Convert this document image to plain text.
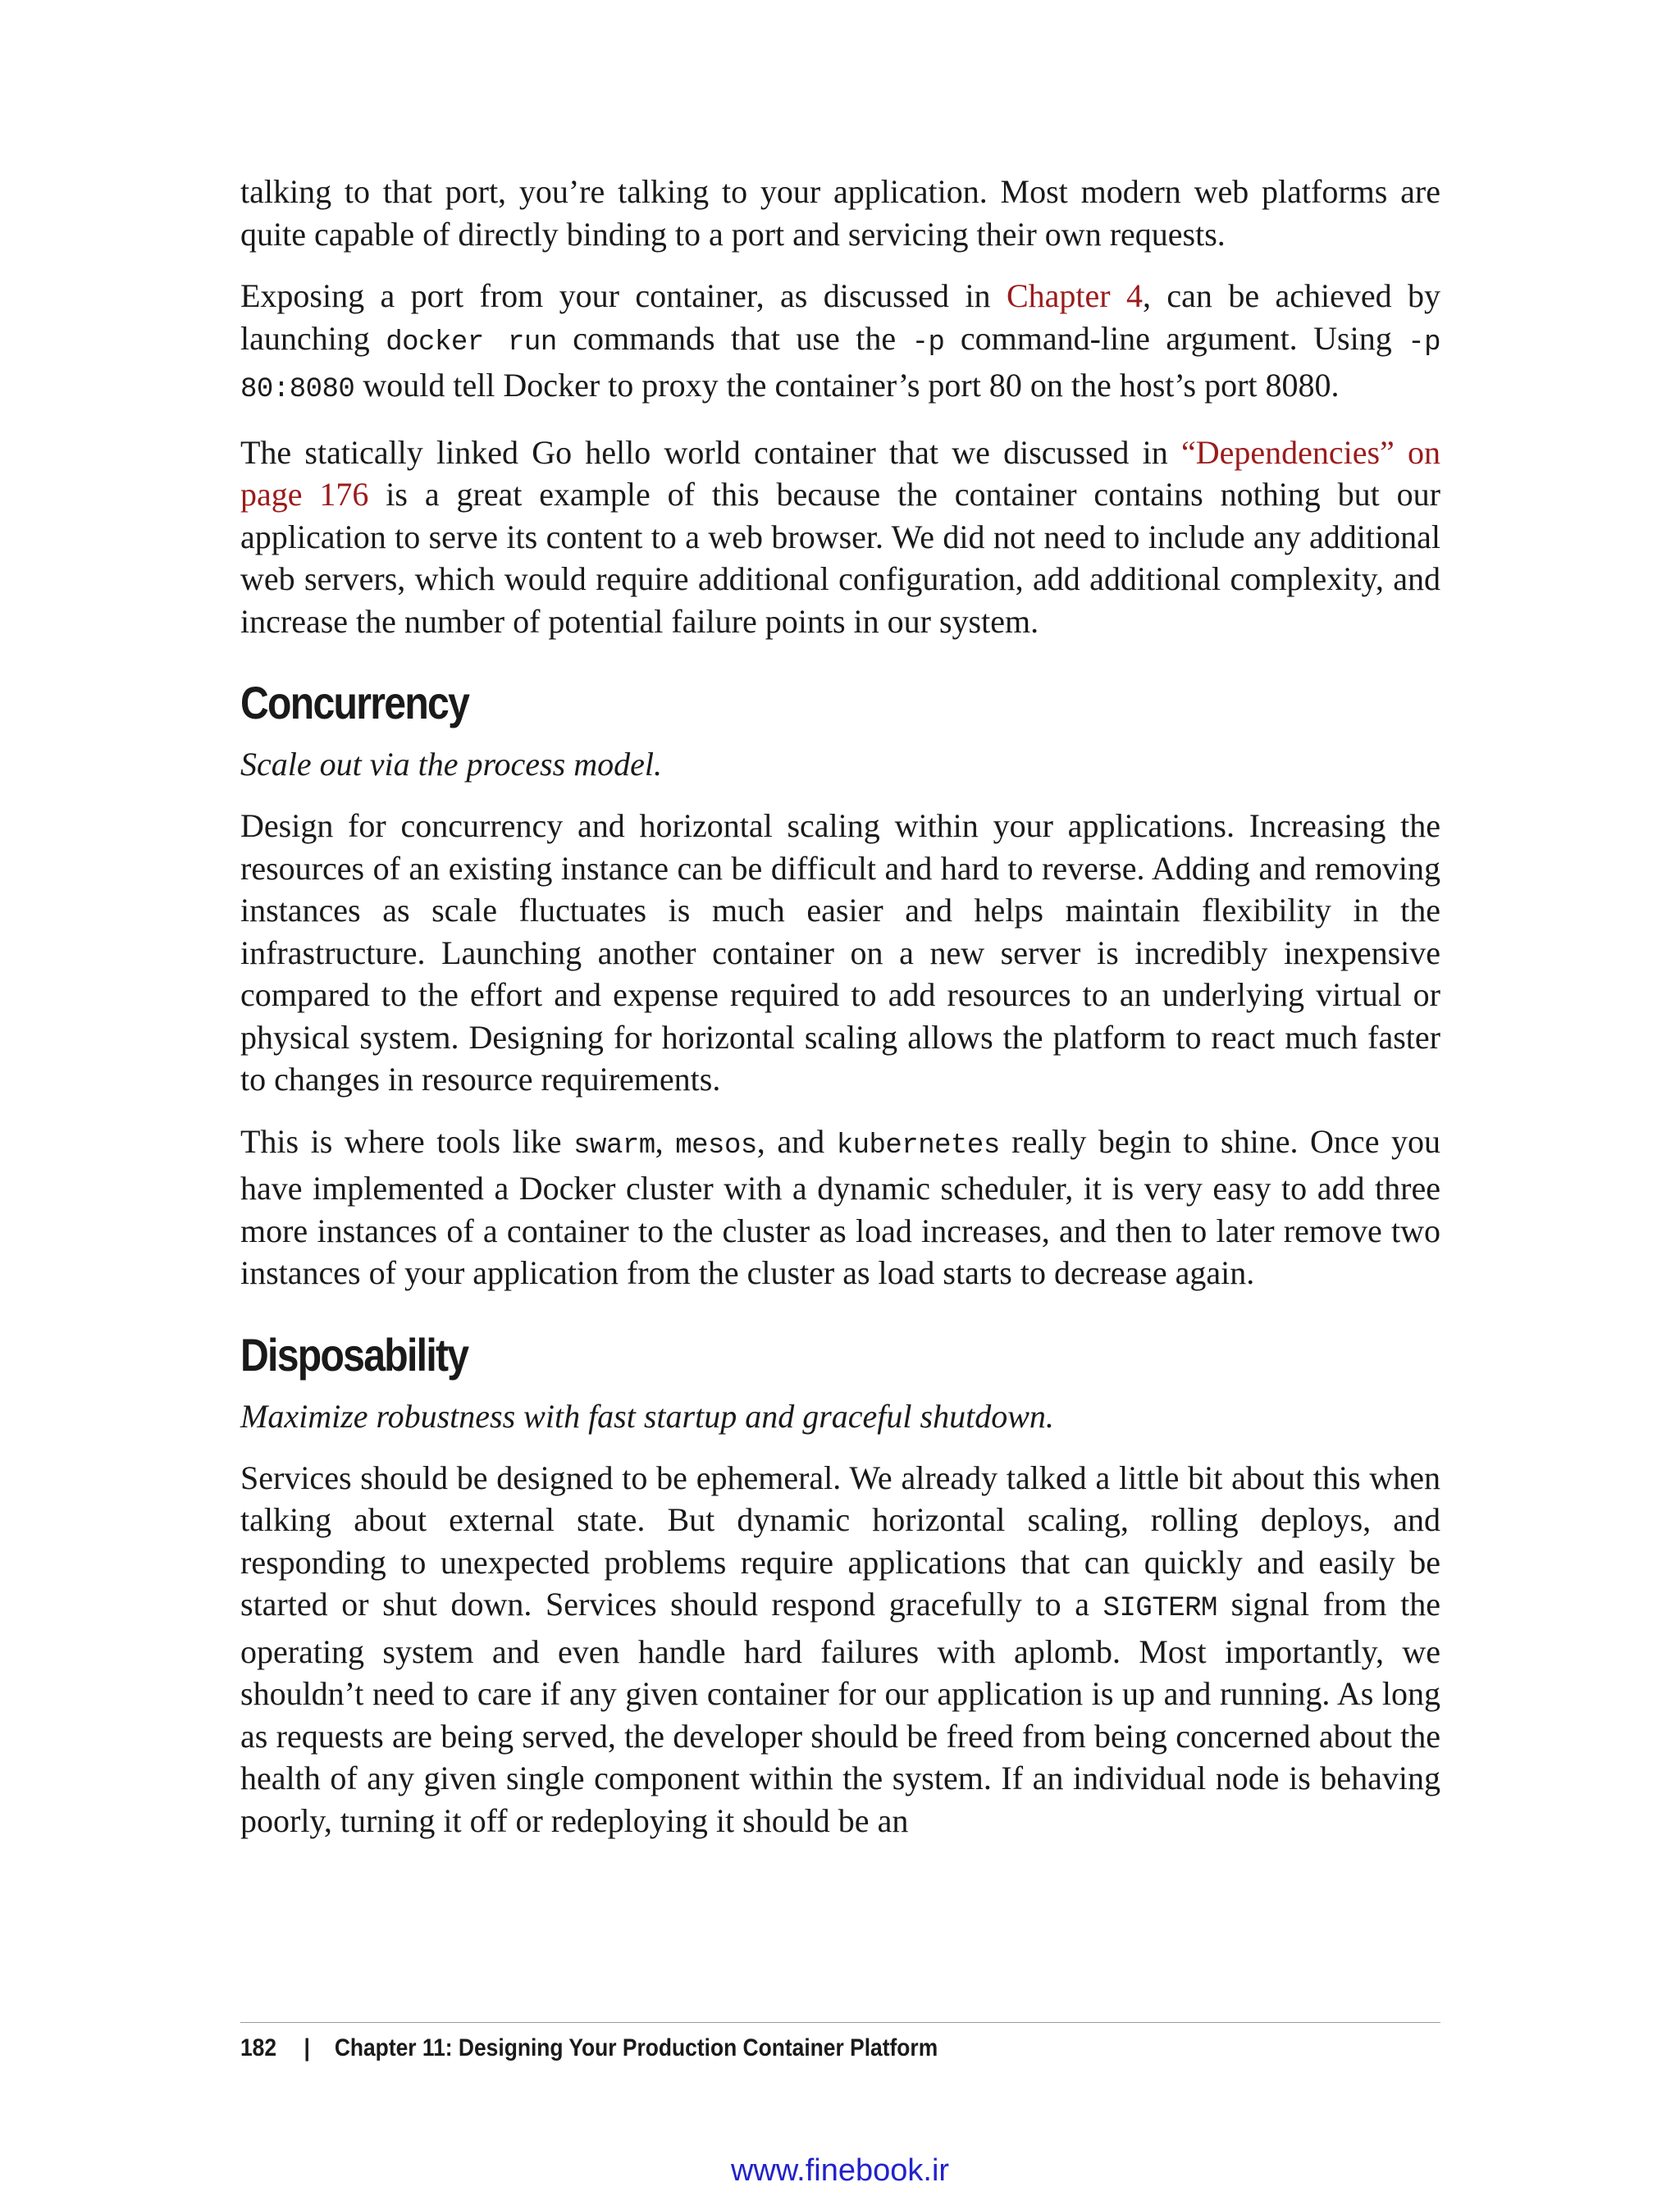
talking to that port, you’re talking to your application. Most modern web platforms are quite capable of directly binding to a port and servicing their own requests.

Exposing a port from your container, as discussed in Chapter 4, can be achieved by launching docker run commands that use the -p command-line argument. Using -p 80:8080 would tell Docker to proxy the container’s port 80 on the host’s port 8080.

The statically linked Go hello world container that we discussed in “Dependencies” on page 176 is a great example of this because the container contains nothing but our application to serve its content to a web browser. We did not need to include any additional web servers, which would require additional configuration, add additional complexity, and increase the number of potential failure points in our system.

Concurrency

Scale out via the process model.

Design for concurrency and horizontal scaling within your applications. Increasing the resources of an existing instance can be difficult and hard to reverse. Adding and removing instances as scale fluctuates is much easier and helps maintain flexibility in the infrastructure. Launching another container on a new server is incredibly inexpensive compared to the effort and expense required to add resources to an underlying virtual or physical system. Designing for horizontal scaling allows the platform to react much faster to changes in resource requirements.

This is where tools like swarm, mesos, and kubernetes really begin to shine. Once you have implemented a Docker cluster with a dynamic scheduler, it is very easy to add three more instances of a container to the cluster as load increases, and then to later remove two instances of your application from the cluster as load starts to decrease again.

Disposability

Maximize robustness with fast startup and graceful shutdown.

Services should be designed to be ephemeral. We already talked a little bit about this when talking about external state. But dynamic horizontal scaling, rolling deploys, and responding to unexpected problems require applications that can quickly and easily be started or shut down. Services should respond gracefully to a SIGTERM signal from the operating system and even handle hard failures with aplomb. Most importantly, we shouldn’t need to care if any given container for our application is up and running. As long as requests are being served, the developer should be freed from being concerned about the health of any given single component within the system. If an individual node is behaving poorly, turning it off or redeploying it should be an

182 | Chapter 11: Designing Your Production Container Platform
www.finebook.ir
